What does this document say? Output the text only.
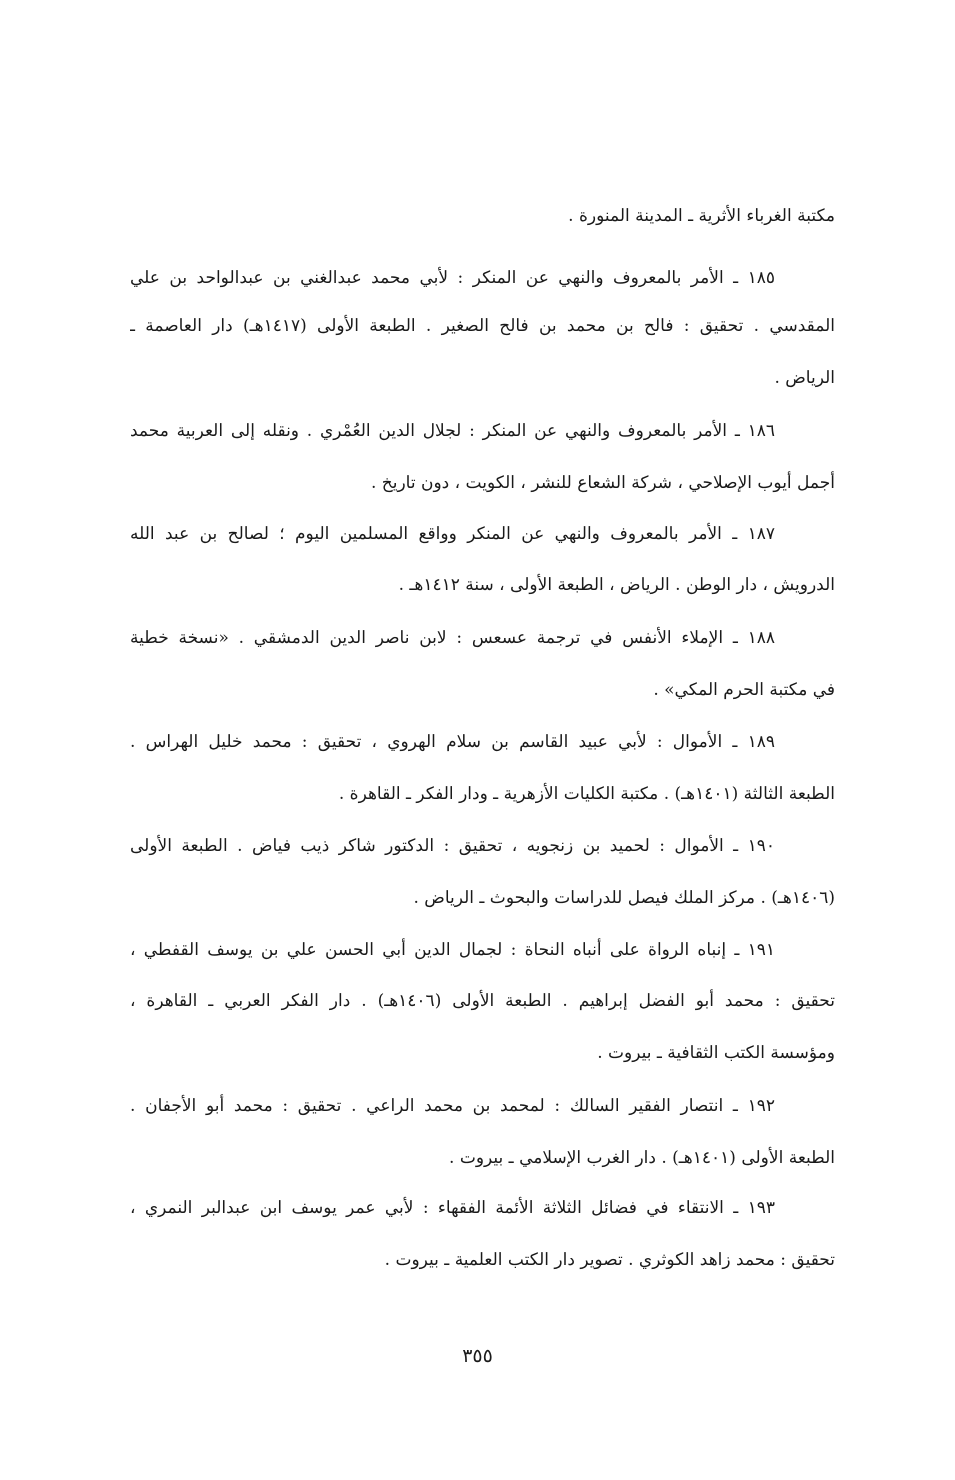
مكتبة الغرباء الأثرية ـ المدينة المنورة .
١٨٥ ـ الأمر بالمعروف والنهي عن المنكر : لأبي محمد عبدالغني بن عبدالواحد بن علي
المقدسي . تحقيق : فالح بن محمد بن فالح الصغير . الطبعة الأولى (١٤١٧هـ) دار العاصمة ـ
الرياض .
١٨٦ ـ الأمر بالمعروف والنهي عن المنكر : لجلال الدين العُمْري . ونقله إلى العربية محمد
أجمل أيوب الإصلاحي ، شركة الشعاع للنشر ، الكويت ، دون تاريخ .
١٨٧ ـ الأمر بالمعروف والنهي عن المنكر وواقع المسلمين اليوم ؛ لصالح بن عبد الله
الدرويش ، دار الوطن . الرياض ، الطبعة الأولى ، سنة ١٤١٢هـ .
١٨٨ ـ الإملاء الأنفس في ترجمة عسعس : لابن ناصر الدين الدمشقي . «نسخة خطية
في مكتبة الحرم المكي» .
١٨٩ ـ الأموال : لأبي عبيد القاسم بن سلام الهروي ، تحقيق : محمد خليل الهراس .
الطبعة الثالثة (١٤٠١هـ) . مكتبة الكليات الأزهرية ـ ودار الفكر ـ القاهرة .
١٩٠ ـ الأموال : لحميد بن زنجويه ، تحقيق : الدكتور شاكر ذيب فياض . الطبعة الأولى
(١٤٠٦هـ) . مركز الملك فيصل للدراسات والبحوث ـ الرياض .
١٩١ ـ إنباه الرواة على أنباه النحاة : لجمال الدين أبي الحسن علي بن يوسف القفطي ،
تحقيق : محمد أبو الفضل إبراهيم . الطبعة الأولى (١٤٠٦هـ) . دار الفكر العربي ـ القاهرة ،
ومؤسسة الكتب الثقافية ـ بيروت .
١٩٢ ـ انتصار الفقير السالك : لمحمد بن محمد الراعي . تحقيق : محمد أبو الأجفان .
الطبعة الأولى (١٤٠١هـ) . دار الغرب الإسلامي ـ بيروت .
١٩٣ ـ الانتقاء في فضائل الثلاثة الأئمة الفقهاء : لأبي عمر يوسف ابن عبدالبر النمري ،
تحقيق : محمد زاهد الكوثري . تصوير دار الكتب العلمية ـ بيروت .
٣٥٥
